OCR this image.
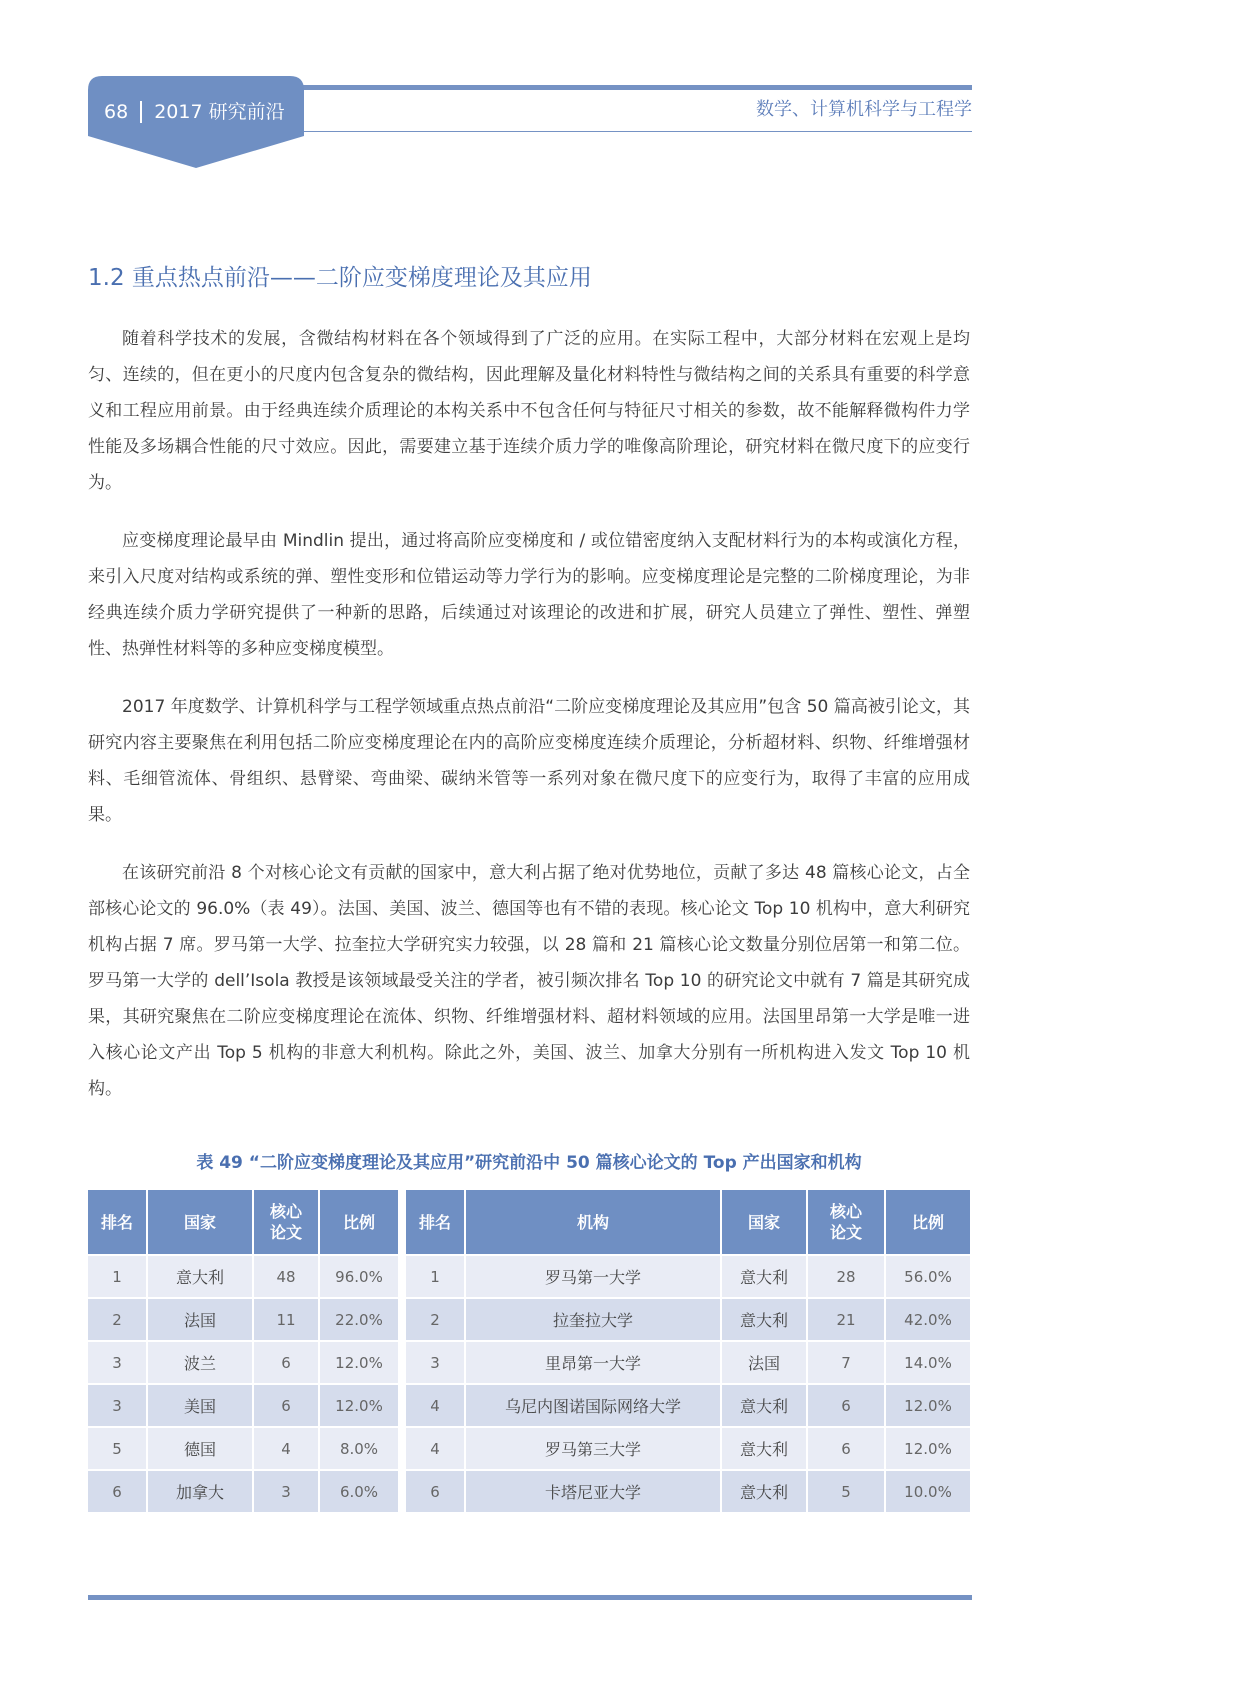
68 2017 研究前沿	数学、计算机科学与工程学
1.2 重点热点前沿——二阶应变梯度理论及其应用

随着科学技术的发展，含微结构材料在各个领域得到了广泛的应用。在实际工程中，大部分材料在宏观上是均匀、连续的，但在更小的尺度内包含复杂的微结构，因此理解及量化材料特性与微结构之间的关系具有重要的科学意义和工程应用前景。由于经典连续介质理论的本构关系中不包含任何与特征尺寸相关的参数，故不能解释微构件力学性能及多场耦合性能的尺寸效应。因此，需要建立基于连续介质力学的唯像高阶理论，研究材料在微尺度下的应变行为。

应变梯度理论最早由 Mindlin 提出，通过将高阶应变梯度和 / 或位错密度纳入支配材料行为的本构或演化方程，来引入尺度对结构或系统的弹、塑性变形和位错运动等力学行为的影响。应变梯度理论是完整的二阶梯度理论，为非经典连续介质力学研究提供了一种新的思路，后续通过对该理论的改进和扩展，研究人员建立了弹性、塑性、弹塑性、热弹性材料等的多种应变梯度模型。

2017 年度数学、计算机科学与工程学领域重点热点前沿“二阶应变梯度理论及其应用”包含 50 篇高被引论文，其研究内容主要聚焦在利用包括二阶应变梯度理论在内的高阶应变梯度连续介质理论，分析超材料、织物、纤维增强材料、毛细管流体、骨组织、悬臂梁、弯曲梁、碳纳米管等一系列对象在微尺度下的应变行为，取得了丰富的应用成果。

在该研究前沿 8 个对核心论文有贡献的国家中，意大利占据了绝对优势地位，贡献了多达 48 篇核心论文，占全部核心论文的 96.0%（表 49）。法国、美国、波兰、德国等也有不错的表现。核心论文 Top 10 机构中，意大利研究机构占据 7 席。罗马第一大学、拉奎拉大学研究实力较强，以 28 篇和 21 篇核心论文数量分别位居第一和第二位。罗马第一大学的 dell’Isola 教授是该领域最受关注的学者，被引频次排名 Top 10 的研究论文中就有 7 篇是其研究成果，其研究聚焦在二阶应变梯度理论在流体、织物、纤维增强材料、超材料领域的应用。法国里昂第一大学是唯一进入核心论文产出 Top 5 机构的非意大利机构。除此之外，美国、波兰、加拿大分别有一所机构进入发文 Top 10 机构。

表 49 “二阶应变梯度理论及其应用”研究前沿中 50 篇核心论文的 Top 产出国家和机构
排名	国家	核心论文	比例
1	意大利	48	96.0%
2	法国	11	22.0%
3	波兰	6	12.0%
3	美国	6	12.0%
5	德国	4	8.0%
6	加拿大	3	6.0%
排名	机构	国家	核心论文	比例
1	罗马第一大学	意大利	28	56.0%
2	拉奎拉大学	意大利	21	42.0%
3	里昂第一大学	法国	7	14.0%
4	乌尼内图诺国际网络大学	意大利	6	12.0%
4	罗马第三大学	意大利	6	12.0%
6	卡塔尼亚大学	意大利	5	10.0%
